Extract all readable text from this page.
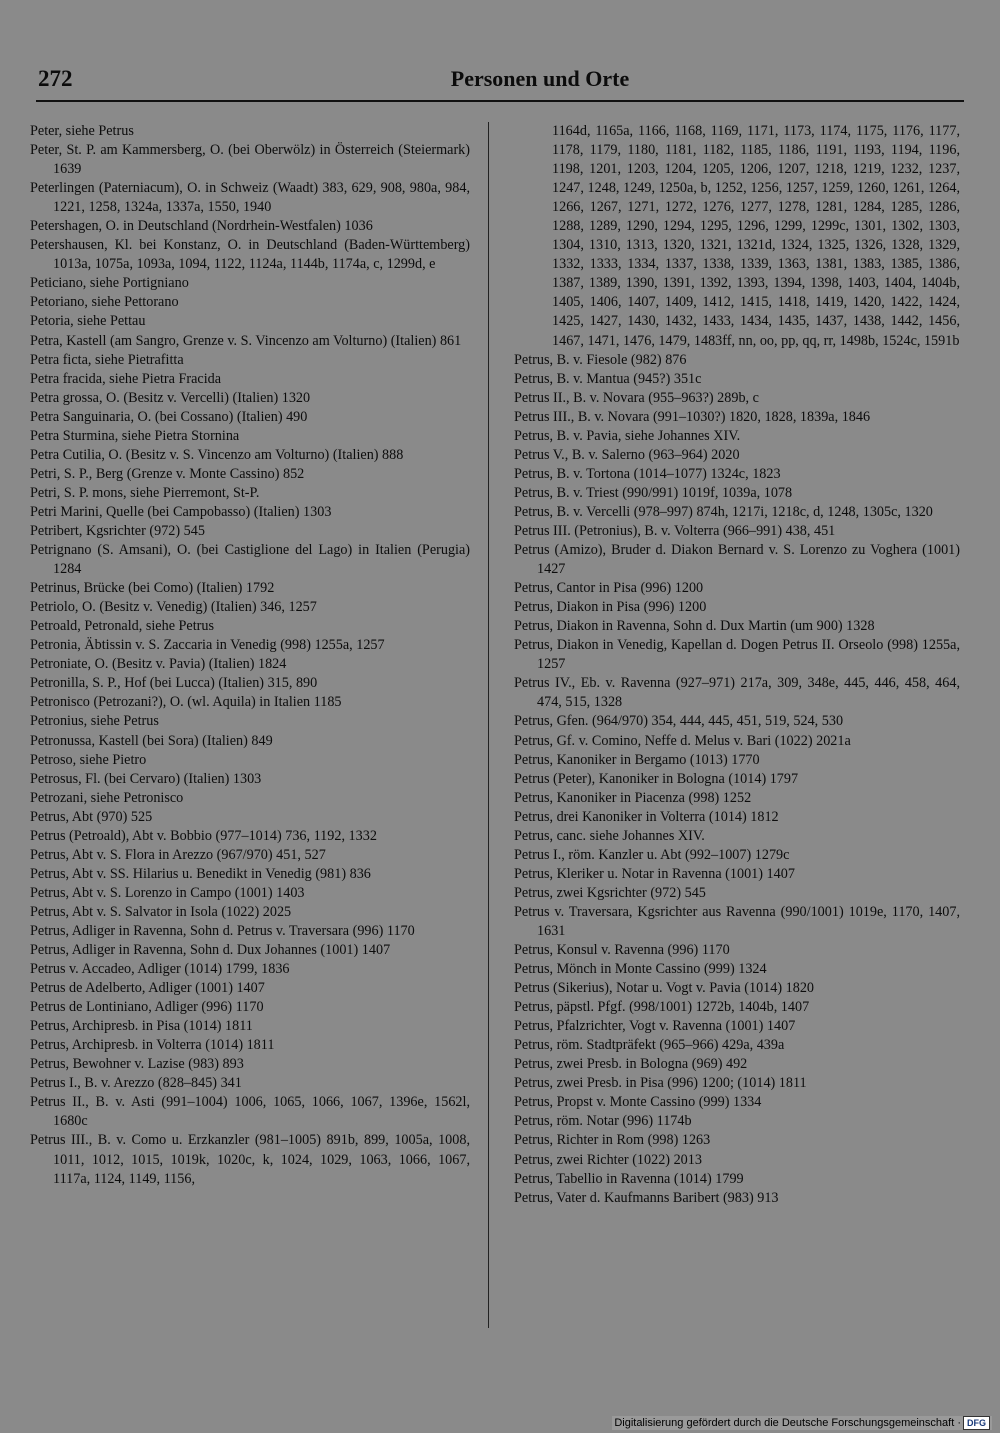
272	Personen und Orte

Peter, siehe Petrus

Peter, St. P. am Kammersberg, O. (bei Oberwölz) in Österreich (Steiermark) 1639

Peterlingen (Paterniacum), O. in Schweiz (Waadt) 383, 629, 908, 980a, 984, 1221, 1258, 1324a, 1337a, 1550, 1940

Petershagen, O. in Deutschland (Nordrhein-Westfalen) 1036

Petershausen, Kl. bei Konstanz, O. in Deutschland (Baden-Württemberg) 1013a, 1075a, 1093a, 1094, 1122, 1124a, 1144b, 1174a, c, 1299d, e

Peticiano, siehe Portigniano

Petoriano, siehe Pettorano

Petoria, siehe Pettau

Petra, Kastell (am Sangro, Grenze v. S. Vincenzo am Volturno) (Italien) 861

Petra ficta, siehe Pietrafitta

Petra fracida, siehe Pietra Fracida

Petra grossa, O. (Besitz v. Vercelli) (Italien) 1320

Petra Sanguinaria, O. (bei Cossano) (Italien) 490

Petra Sturmina, siehe Pietra Stornina

Petra Cutilia, O. (Besitz v. S. Vincenzo am Volturno) (Italien) 888

Petri, S. P., Berg (Grenze v. Monte Cassino) 852

Petri, S. P. mons, siehe Pierremont, St-P.

Petri Marini, Quelle (bei Campobasso) (Italien) 1303

Petribert, Kgsrichter (972) 545

Petrignano (S. Amsani), O. (bei Castiglione del Lago) in Italien (Perugia) 1284

Petrinus, Brücke (bei Como) (Italien) 1792

Petriolo, O. (Besitz v. Venedig) (Italien) 346, 1257

Petroald, Petronald, siehe Petrus

Petronia, Äbtissin v. S. Zaccaria in Venedig (998) 1255a, 1257

Petroniate, O. (Besitz v. Pavia) (Italien) 1824

Petronilla, S. P., Hof (bei Lucca) (Italien) 315, 890

Petronisco (Petrozani?), O. (wl. Aquila) in Italien 1185

Petronius, siehe Petrus

Petronussa, Kastell (bei Sora) (Italien) 849

Petroso, siehe Pietro

Petrosus, Fl. (bei Cervaro) (Italien) 1303

Petrozani, siehe Petronisco

Petrus, Abt (970) 525

Petrus (Petroald), Abt v. Bobbio (977–1014) 736, 1192, 1332

Petrus, Abt v. S. Flora in Arezzo (967/970) 451, 527

Petrus, Abt v. SS. Hilarius u. Benedikt in Venedig (981) 836

Petrus, Abt v. S. Lorenzo in Campo (1001) 1403

Petrus, Abt v. S. Salvator in Isola (1022) 2025

Petrus, Adliger in Ravenna, Sohn d. Petrus v. Traversara (996) 1170

Petrus, Adliger in Ravenna, Sohn d. Dux Johannes (1001) 1407

Petrus v. Accadeo, Adliger (1014) 1799, 1836

Petrus de Adelberto, Adliger (1001) 1407

Petrus de Lontiniano, Adliger (996) 1170

Petrus, Archipresb. in Pisa (1014) 1811

Petrus, Archipresb. in Volterra (1014) 1811

Petrus, Bewohner v. Lazise (983) 893

Petrus I., B. v. Arezzo (828–845) 341

Petrus II., B. v. Asti (991–1004) 1006, 1065, 1066, 1067, 1396e, 1562l, 1680c

Petrus III., B. v. Como u. Erzkanzler (981–1005) 891b, 899, 1005a, 1008, 1011, 1012, 1015, 1019k, 1020c, k, 1024, 1029, 1063, 1066, 1067, 1117a, 1124, 1149, 1156,

1164d, 1165a, 1166, 1168, 1169, 1171, 1173, 1174, 1175, 1176, 1177, 1178, 1179, 1180, 1181, 1182, 1185, 1186, 1191, 1193, 1194, 1196, 1198, 1201, 1203, 1204, 1205, 1206, 1207, 1218, 1219, 1232, 1237, 1247, 1248, 1249, 1250a, b, 1252, 1256, 1257, 1259, 1260, 1261, 1264, 1266, 1267, 1271, 1272, 1276, 1277, 1278, 1281, 1284, 1285, 1286, 1288, 1289, 1290, 1294, 1295, 1296, 1299, 1299c, 1301, 1302, 1303, 1304, 1310, 1313, 1320, 1321, 1321d, 1324, 1325, 1326, 1328, 1329, 1332, 1333, 1334, 1337, 1338, 1339, 1363, 1381, 1383, 1385, 1386, 1387, 1389, 1390, 1391, 1392, 1393, 1394, 1398, 1403, 1404, 1404b, 1405, 1406, 1407, 1409, 1412, 1415, 1418, 1419, 1420, 1422, 1424, 1425, 1427, 1430, 1432, 1433, 1434, 1435, 1437, 1438, 1442, 1456, 1467, 1471, 1476, 1479, 1483ff, nn, oo, pp, qq, rr, 1498b, 1524c, 1591b

Petrus, B. v. Fiesole (982) 876

Petrus, B. v. Mantua (945?) 351c

Petrus II., B. v. Novara (955–963?) 289b, c

Petrus III., B. v. Novara (991–1030?) 1820, 1828, 1839a, 1846

Petrus, B. v. Pavia, siehe Johannes XIV.

Petrus V., B. v. Salerno (963–964) 2020

Petrus, B. v. Tortona (1014–1077) 1324c, 1823

Petrus, B. v. Triest (990/991) 1019f, 1039a, 1078

Petrus, B. v. Vercelli (978–997) 874h, 1217i, 1218c, d, 1248, 1305c, 1320

Petrus III. (Petronius), B. v. Volterra (966–991) 438, 451

Petrus (Amizo), Bruder d. Diakon Bernard v. S. Lorenzo zu Voghera (1001) 1427

Petrus, Cantor in Pisa (996) 1200

Petrus, Diakon in Pisa (996) 1200

Petrus, Diakon in Ravenna, Sohn d. Dux Martin (um 900) 1328

Petrus, Diakon in Venedig, Kapellan d. Dogen Petrus II. Orseolo (998) 1255a, 1257

Petrus IV., Eb. v. Ravenna (927–971) 217a, 309, 348e, 445, 446, 458, 464, 474, 515, 1328

Petrus, Gfen. (964/970) 354, 444, 445, 451, 519, 524, 530

Petrus, Gf. v. Comino, Neffe d. Melus v. Bari (1022) 2021a

Petrus, Kanoniker in Bergamo (1013) 1770

Petrus (Peter), Kanoniker in Bologna (1014) 1797

Petrus, Kanoniker in Piacenza (998) 1252

Petrus, drei Kanoniker in Volterra (1014) 1812

Petrus, canc. siehe Johannes XIV.

Petrus I., röm. Kanzler u. Abt (992–1007) 1279c

Petrus, Kleriker u. Notar in Ravenna (1001) 1407

Petrus, zwei Kgsrichter (972) 545

Petrus v. Traversara, Kgsrichter aus Ravenna (990/1001) 1019e, 1170, 1407, 1631

Petrus, Konsul v. Ravenna (996) 1170

Petrus, Mönch in Monte Cassino (999) 1324

Petrus (Sikerius), Notar u. Vogt v. Pavia (1014) 1820

Petrus, päpstl. Pfgf. (998/1001) 1272b, 1404b, 1407

Petrus, Pfalzrichter, Vogt v. Ravenna (1001) 1407

Petrus, röm. Stadtpräfekt (965–966) 429a, 439a

Petrus, zwei Presb. in Bologna (969) 492

Petrus, zwei Presb. in Pisa (996) 1200; (1014) 1811

Petrus, Propst v. Monte Cassino (999) 1334

Petrus, röm. Notar (996) 1174b

Petrus, Richter in Rom (998) 1263

Petrus, zwei Richter (1022) 2013

Petrus, Tabellio in Ravenna (1014) 1799

Petrus, Vater d. Kaufmanns Baribert (983) 913

Digitalisierung gefördert durch die Deutsche Forschungsgemeinschaft · DFG
